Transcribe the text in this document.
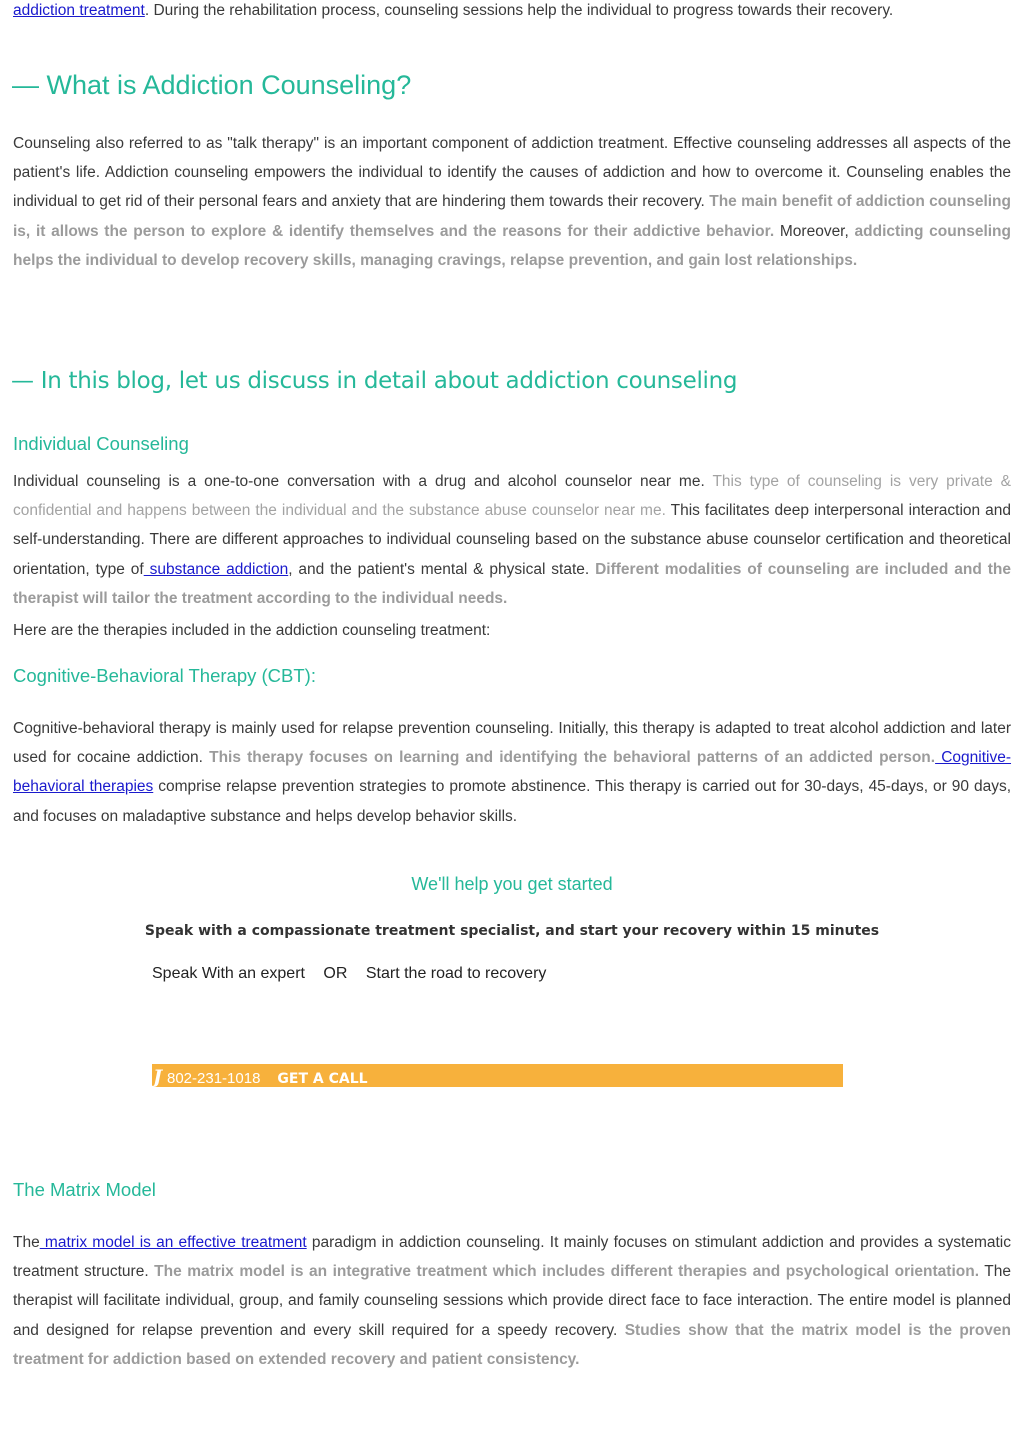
addiction treatment. During the rehabilitation process, counseling sessions help the individual to progress towards their recovery.

— What is Addiction Counseling?

Counseling also referred to as "talk therapy" is an important component of addiction treatment. Effective counseling addresses all aspects of the patient's life. Addiction counseling empowers the individual to identify the causes of addiction and how to overcome it. Counseling enables the individual to get rid of their personal fears and anxiety that are hindering them towards their recovery. The main benefit of addiction counseling is, it allows the person to explore & identify themselves and the reasons for their addictive behavior. Moreover, addicting counseling helps the individual to develop recovery skills, managing cravings, relapse prevention, and gain lost relationships.

— In this blog, let us discuss in detail about addiction counseling
Individual Counseling

Individual counseling is a one-to-one conversation with a drug and alcohol counselor near me. This type of counseling is very private & confidential and happens between the individual and the substance abuse counselor near me. This facilitates deep interpersonal interaction and self-understanding. There are different approaches to individual counseling based on the substance abuse counselor certification and theoretical orientation, type of substance addiction, and the patient's mental & physical state. Different modalities of counseling are included and the therapist will tailor the treatment according to the individual needs.

Here are the therapies included in the addiction counseling treatment:

Cognitive-Behavioral Therapy (CBT):

Cognitive-behavioral therapy is mainly used for relapse prevention counseling. Initially, this therapy is adapted to treat alcohol addiction and later used for cocaine addiction. This therapy focuses on learning and identifying the behavioral patterns of an addicted person. Cognitive-behavioral therapies comprise relapse prevention strategies to promote abstinence. This therapy is carried out for 30-days, 45-days, or 90 days, and focuses on maladaptive substance and helps develop behavior skills.

We'll help you get started
Speak with a compassionate treatment specialist, and start your recovery within 15 minutes
Speak With an expert OR Start the road to recovery
J 802-231-1018 GET A CALL
The Matrix Model

The matrix model is an effective treatment paradigm in addiction counseling. It mainly focuses on stimulant addiction and provides a systematic treatment structure. The matrix model is an integrative treatment which includes different therapies and psychological orientation. The therapist will facilitate individual, group, and family counseling sessions which provide direct face to face interaction. The entire model is planned and designed for relapse prevention and every skill required for a speedy recovery. Studies show that the matrix model is the proven treatment for addiction based on extended recovery and patient consistency.
